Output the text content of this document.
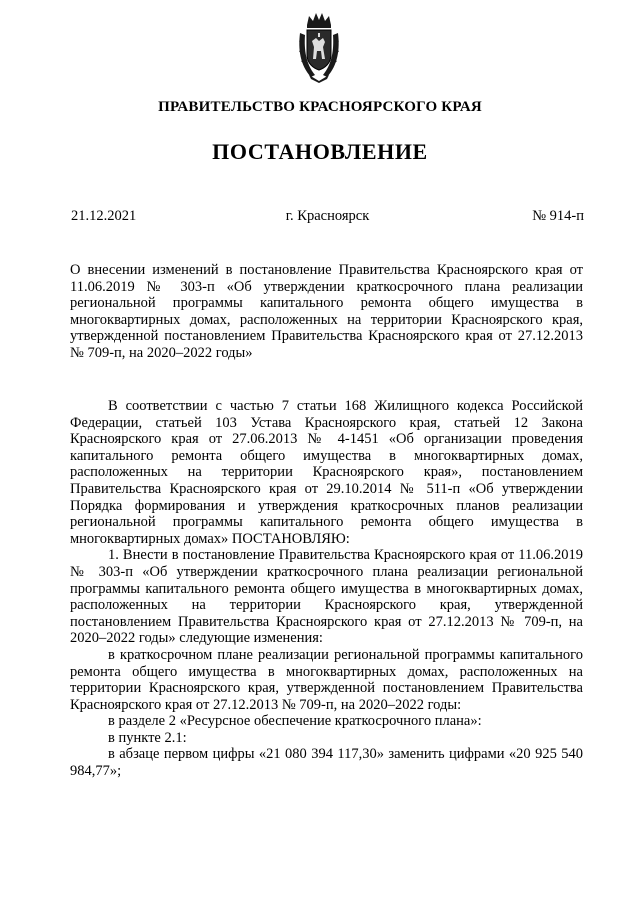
ПРАВИТЕЛЬСТВО КРАСНОЯРСКОГО КРАЯ
ПОСТАНОВЛЕНИЕ
21.12.2021	г. Красноярск	№ 914-п
О внесении изменений в постановление Правительства Красноярского края от 11.06.2019 № 303-п «Об утверждении краткосрочного плана реализации региональной программы капитального ремонта общего имущества в многоквартирных домах, расположенных на территории Красноярского края, утвержденной постановлением Правительства Красноярского края от 27.12.2013 № 709-п, на 2020–2022 годы»

В соответствии с частью 7 статьи 168 Жилищного кодекса Российской Федерации, статьей 103 Устава Красноярского края, статьей 12 Закона Красноярского края от 27.06.2013 № 4-1451 «Об организации проведения капитального ремонта общего имущества в многоквартирных домах, расположенных на территории Красноярского края», постановлением Правительства Красноярского края от 29.10.2014 № 511-п «Об утверждении Порядка формирования и утверждения краткосрочных планов реализации региональной программы капитального ремонта общего имущества в многоквартирных домах» ПОСТАНОВЛЯЮ:

1. Внести в постановление Правительства Красноярского края от 11.06.2019 № 303-п «Об утверждении краткосрочного плана реализации региональной программы капитального ремонта общего имущества в многоквартирных домах, расположенных на территории Красноярского края, утвержденной постановлением Правительства Красноярского края от 27.12.2013 № 709-п, на 2020–2022 годы» следующие изменения:

в краткосрочном плане реализации региональной программы капитального ремонта общего имущества в многоквартирных домах, расположенных на территории Красноярского края, утвержденной постановлением Правительства Красноярского края от 27.12.2013 № 709-п, на 2020–2022 годы:

в разделе 2 «Ресурсное обеспечение краткосрочного плана»:

в пункте 2.1:

в абзаце первом цифры «21 080 394 117,30» заменить цифрами «20 925 540 984,77»;
